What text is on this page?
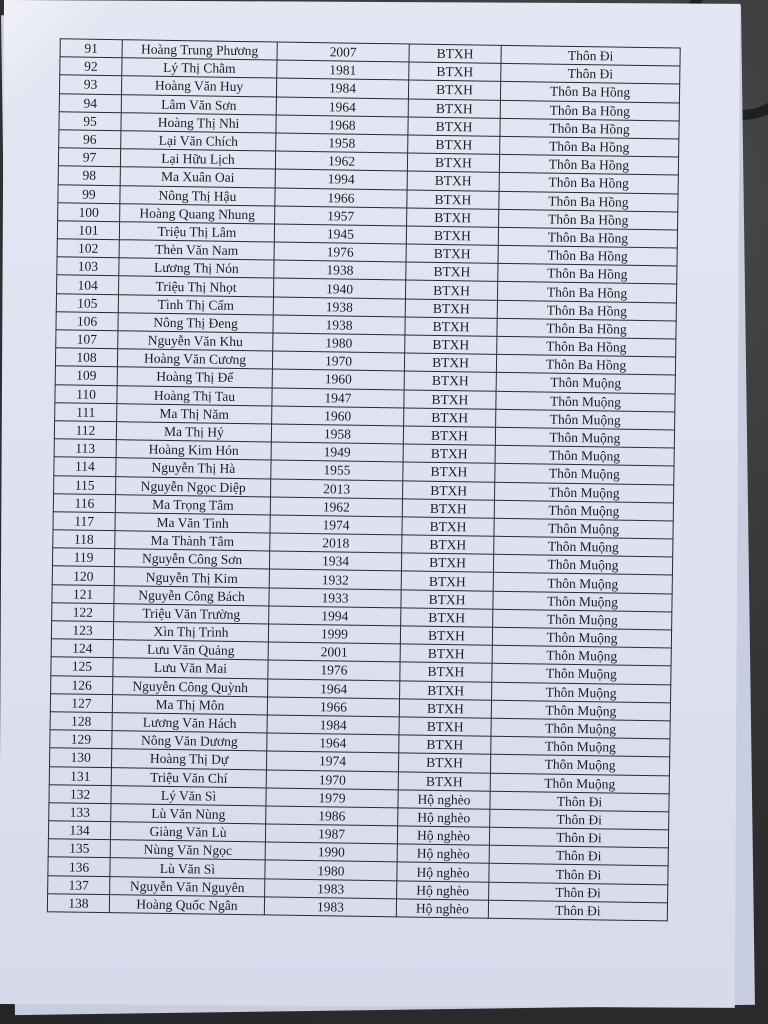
91	Hoàng Trung Phương	2007	BTXH	Thôn Đi
92	Lý Thị Chằm	1981	BTXH	Thôn Đi
93	Hoàng Văn Huy	1984	BTXH	Thôn Ba Hồng
94	Lâm Văn Sơn	1964	BTXH	Thôn Ba Hồng
95	Hoàng Thị Nhi	1968	BTXH	Thôn Ba Hồng
96	Lại Văn Chích	1958	BTXH	Thôn Ba Hồng
97	Lại Hữu Lịch	1962	BTXH	Thôn Ba Hồng
98	Ma Xuân Oai	1994	BTXH	Thôn Ba Hồng
99	Nông Thị Hậu	1966	BTXH	Thôn Ba Hồng
100	Hoàng Quang Nhung	1957	BTXH	Thôn Ba Hồng
101	Triệu Thị Lâm	1945	BTXH	Thôn Ba Hồng
102	Thèn Văn Nam	1976	BTXH	Thôn Ba Hồng
103	Lương Thị Nón	1938	BTXH	Thôn Ba Hồng
104	Triệu Thị Nhọt	1940	BTXH	Thôn Ba Hồng
105	Tình Thị Cấm	1938	BTXH	Thôn Ba Hồng
106	Nông Thị Đeng	1938	BTXH	Thôn Ba Hồng
107	Nguyễn Văn Khu	1980	BTXH	Thôn Ba Hồng
108	Hoàng Văn Cương	1970	BTXH	Thôn Ba Hồng
109	Hoàng Thị Đế	1960	BTXH	Thôn Muộng
110	Hoàng Thị Tau	1947	BTXH	Thôn Muộng
111	Ma Thị Năm	1960	BTXH	Thôn Muộng
112	Ma Thị Hý	1958	BTXH	Thôn Muộng
113	Hoàng Kim Hón	1949	BTXH	Thôn Muộng
114	Nguyễn Thị Hà	1955	BTXH	Thôn Muộng
115	Nguyễn Ngọc Diệp	2013	BTXH	Thôn Muộng
116	Ma Trọng Tâm	1962	BTXH	Thôn Muộng
117	Ma Văn Tình	1974	BTXH	Thôn Muộng
118	Ma Thành Tâm	2018	BTXH	Thôn Muộng
119	Nguyễn Công Sơn	1934	BTXH	Thôn Muộng
120	Nguyễn Thị Kim	1932	BTXH	Thôn Muộng
121	Nguyễn Công Bách	1933	BTXH	Thôn Muộng
122	Triệu Văn Trường	1994	BTXH	Thôn Muộng
123	Xìn Thị Trình	1999	BTXH	Thôn Muộng
124	Lưu Văn Quảng	2001	BTXH	Thôn Muộng
125	Lưu Văn Mai	1976	BTXH	Thôn Muộng
126	Nguyễn Công Quỳnh	1964	BTXH	Thôn Muộng
127	Ma Thị Môn	1966	BTXH	Thôn Muộng
128	Lương Văn Hách	1984	BTXH	Thôn Muộng
129	Nông Văn Dương	1964	BTXH	Thôn Muộng
130	Hoàng Thị Dự	1974	BTXH	Thôn Muộng
131	Triệu Văn Chí	1970	BTXH	Thôn Muộng
132	Lý Văn Sì	1979	Hộ nghèo	Thôn Đi
133	Lù Văn Nùng	1986	Hộ nghèo	Thôn Đi
134	Giàng Văn Lù	1987	Hộ nghèo	Thôn Đi
135	Nùng Văn Ngọc	1990	Hộ nghèo	Thôn Đi
136	Lù Văn Sì	1980	Hộ nghèo	Thôn Đi
137	Nguyễn Văn Nguyên	1983	Hộ nghèo	Thôn Đi
138	Hoàng Quốc Ngân	1983	Hộ nghèo	Thôn Đi
